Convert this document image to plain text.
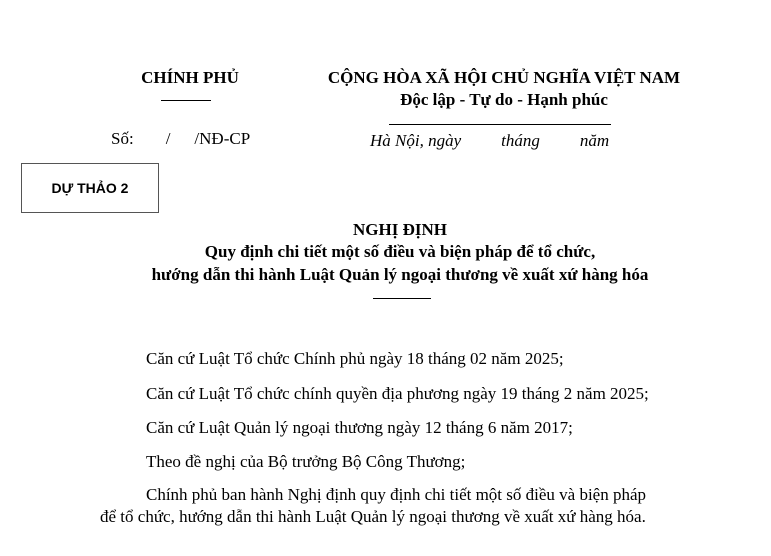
CHÍNH PHỦ	CỘNG HÒA XÃ HỘI CHỦ NGHĨA VIỆT NAM
Độc lập - Tự do - Hạnh phúc
Số: / /NĐ-CP	Hà Nội, ngày tháng năm
DỰ THẢO 2
NGHỊ ĐỊNH
Quy định chi tiết một số điều và biện pháp để tổ chức,
hướng dẫn thi hành Luật Quản lý ngoại thương về xuất xứ hàng hóa
Căn cứ Luật Tổ chức Chính phủ ngày 18 tháng 02 năm 2025;
Căn cứ Luật Tổ chức chính quyền địa phương ngày 19 tháng 2 năm 2025;
Căn cứ Luật Quản lý ngoại thương ngày 12 tháng 6 năm 2017;
Theo đề nghị của Bộ trưởng Bộ Công Thương;
Chính phủ ban hành Nghị định quy định chi tiết một số điều và biện pháp
để tổ chức, hướng dẫn thi hành Luật Quản lý ngoại thương về xuất xứ hàng hóa.
